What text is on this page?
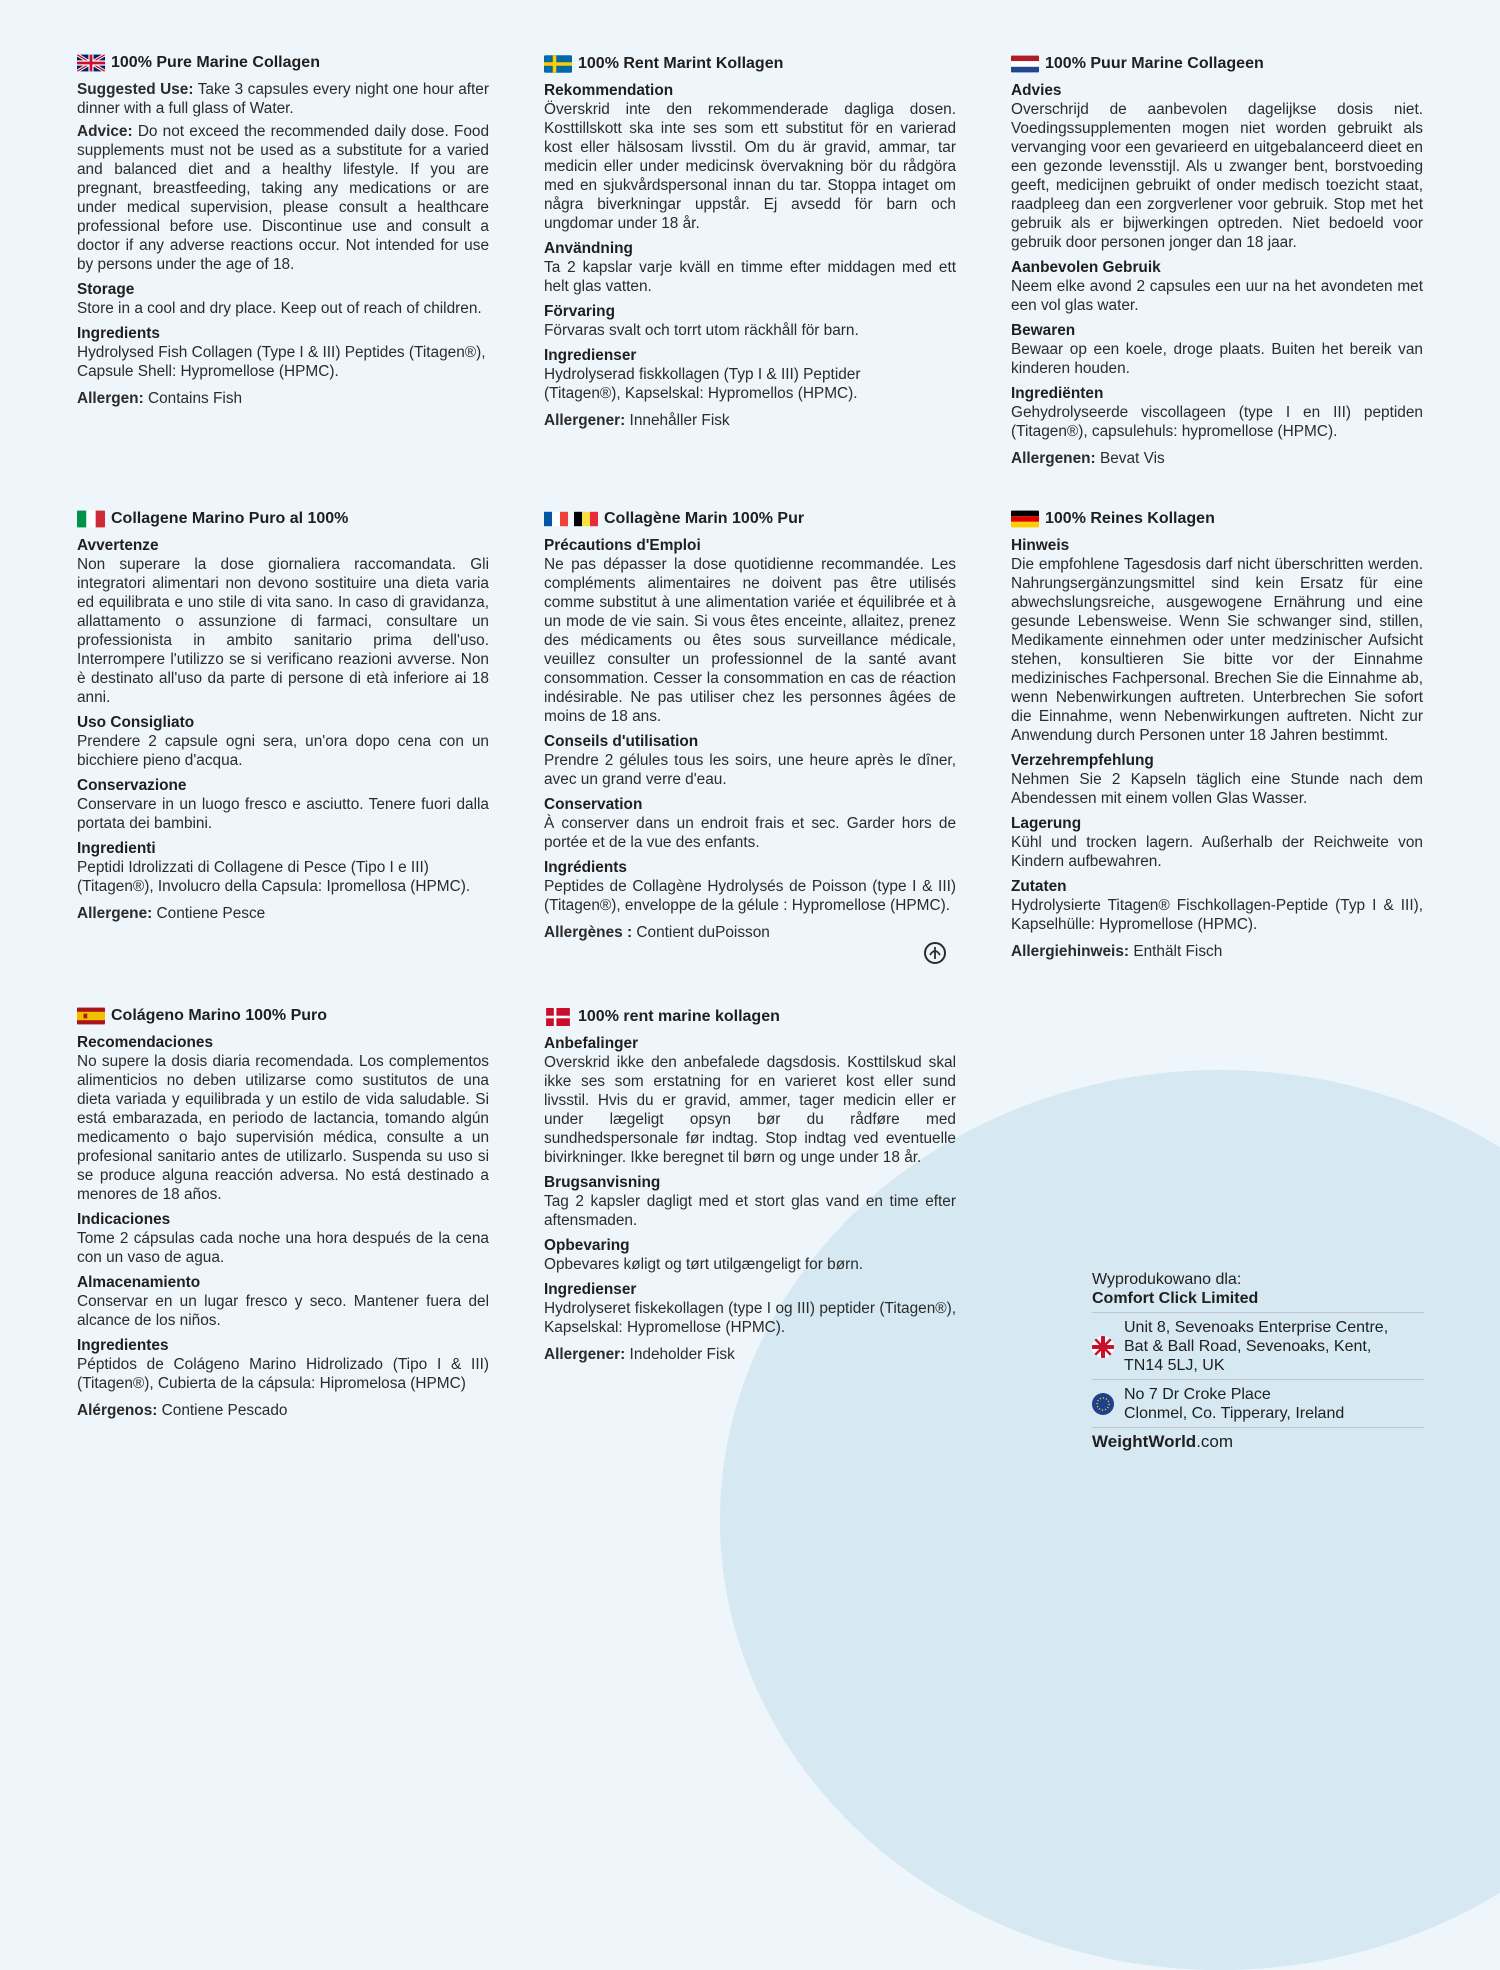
100% Pure Marine Collagen
Suggested Use: Take 3 capsules every night one hour after dinner with a full glass of Water.
Advice: Do not exceed the recommended daily dose. Food supplements must not be used as a substitute for a varied and balanced diet and a healthy lifestyle. If you are pregnant, breastfeeding, taking any medications or are under medical supervision, please consult a healthcare professional before use. Discontinue use and consult a doctor if any adverse reactions occur. Not intended for use by persons under the age of 18.
Storage
Store in a cool and dry place. Keep out of reach of children.
Ingredients
Hydrolysed Fish Collagen (Type I & III) Peptides (Titagen®), Capsule Shell: Hypromellose (HPMC).
Allergen: Contains Fish
100% Rent Marint Kollagen
Rekommendation
Överskrid inte den rekommenderade dagliga dosen. Kosttillskott ska inte ses som ett substitut för en varierad kost eller hälsosam livsstil. Om du är gravid, ammar, tar medicin eller under medicinsk övervakning bör du rådgöra med en sjukvårdspersonal innan du tar. Stoppa intaget om några biverkningar uppstår. Ej avsedd för barn och ungdomar under 18 år.
Användning
Ta 2 kapslar varje kväll en timme efter middagen med ett helt glas vatten.
Förvaring
Förvaras svalt och torrt utom räckhåll för barn.
Ingredienser
Hydrolyserad fiskkollagen (Typ I & III) Peptider (Titagen®), Kapselskal: Hypromellos (HPMC).
Allergener: Innehåller Fisk
100% Puur Marine Collageen
Advies
Overschrijd de aanbevolen dagelijkse dosis niet. Voedingssupplementen mogen niet worden gebruikt als vervanging voor een gevarieerd en uitgebalanceerd dieet en een gezonde levensstijl. Als u zwanger bent, borstvoeding geeft, medicijnen gebruikt of onder medisch toezicht staat, raadpleeg dan een zorgverlener voor gebruik. Stop met het gebruik als er bijwerkingen optreden. Niet bedoeld voor gebruik door personen jonger dan 18 jaar.
Aanbevolen Gebruik
Neem elke avond 2 capsules een uur na het avondeten met een vol glas water.
Bewaren
Bewaar op een koele, droge plaats. Buiten het bereik van kinderen houden.
Ingrediënten
Gehydrolyseerde viscollageen (type I en III) peptiden (Titagen®), capsulehuls: hypromellose (HPMC).
Allergenen: Bevat Vis
Collagene Marino Puro al 100%
Avvertenze
Non superare la dose giornaliera raccomandata. Gli integratori alimentari non devono sostituire una dieta varia ed equilibrata e uno stile di vita sano. In caso di gravidanza, allattamento o assunzione di farmaci, consultare un professionista in ambito sanitario prima dell'uso. Interrompere l'utilizzo se si verificano reazioni avverse. Non è destinato all'uso da parte di persone di età inferiore ai 18 anni.
Uso Consigliato
Prendere 2 capsule ogni sera, un'ora dopo cena con un bicchiere pieno d'acqua.
Conservazione
Conservare in un luogo fresco e asciutto. Tenere fuori dalla portata dei bambini.
Ingredienti
Peptidi Idrolizzati di Collagene di Pesce (Tipo I e III) (Titagen®), Involucro della Capsula: Ipromellosa (HPMC).
Allergene: Contiene Pesce
Collagène Marin 100% Pur
Précautions d'Emploi
Ne pas dépasser la dose quotidienne recommandée. Les compléments alimentaires ne doivent pas être utilisés comme substitut à une alimentation variée et équilibrée et à un mode de vie sain. Si vous êtes enceinte, allaitez, prenez des médicaments ou êtes sous surveillance médicale, veuillez consulter un professionnel de la santé avant consommation. Cesser la consommation en cas de réaction indésirable. Ne pas utiliser chez les personnes âgées de moins de 18 ans.
Conseils d'utilisation
Prendre 2 gélules tous les soirs, une heure après le dîner, avec un grand verre d'eau.
Conservation
À conserver dans un endroit frais et sec. Garder hors de portée et de la vue des enfants.
Ingrédients
Peptides de Collagène Hydrolysés de Poisson (type I & III) (Titagen®), enveloppe de la gélule : Hypromellose (HPMC).
Allergènes : Contient duPoisson
100% Reines Kollagen
Hinweis
Die empfohlene Tagesdosis darf nicht überschritten werden. Nahrungsergänzungsmittel sind kein Ersatz für eine abwechslungsreiche, ausgewogene Ernährung und eine gesunde Lebensweise. Wenn Sie schwanger sind, stillen, Medikamente einnehmen oder unter medzinischer Aufsicht stehen, konsultieren Sie bitte vor der Einnahme medizinisches Fachpersonal. Brechen Sie die Einnahme ab, wenn Nebenwirkungen auftreten. Unterbrechen Sie sofort die Einnahme, wenn Nebenwirkungen auftreten. Nicht zur Anwendung durch Personen unter 18 Jahren bestimmt.
Verzehrempfehlung
Nehmen Sie 2 Kapseln täglich eine Stunde nach dem Abendessen mit einem vollen Glas Wasser.
Lagerung
Kühl und trocken lagern. Außerhalb der Reichweite von Kindern aufbewahren.
Zutaten
Hydrolysierte Titagen® Fischkollagen-Peptide (Typ I & III), Kapselhülle: Hypromellose (HPMC).
Allergiehinweis: Enthält Fisch
Colágeno Marino 100% Puro
Recomendaciones
No supere la dosis diaria recomendada. Los complementos alimenticios no deben utilizarse como sustitutos de una dieta variada y equilibrada y un estilo de vida saludable. Si está embarazada, en periodo de lactancia, tomando algún medicamento o bajo supervisión médica, consulte a un profesional sanitario antes de utilizarlo. Suspenda su uso si se produce alguna reacción adversa. No está destinado a menores de 18 años.
Indicaciones
Tome 2 cápsulas cada noche una hora después de la cena con un vaso de agua.
Almacenamiento
Conservar en un lugar fresco y seco. Mantener fuera del alcance de los niños.
Ingredientes
Péptidos de Colágeno Marino Hidrolizado (Tipo I & III) (Titagen®), Cubierta de la cápsula: Hipromelosa (HPMC)
Alérgenos: Contiene Pescado
100% rent marine kollagen
Anbefalinger
Overskrid ikke den anbefalede dagsdosis. Kosttilskud skal ikke ses som erstatning for en varieret kost eller sund livsstil. Hvis du er gravid, ammer, tager medicin eller er under lægeligt opsyn bør du rådføre med sundhedspersonale før indtag. Stop indtag ved eventuelle bivirkninger. Ikke beregnet til børn og unge under 18 år.
Brugsanvisning
Tag 2 kapsler dagligt med et stort glas vand en time efter aftensmaden.
Opbevaring
Opbevares køligt og tørt utilgængeligt for børn.
Ingredienser
Hydrolyseret fiskekollagen (type I og III) peptider (Titagen®), Kapselskal: Hypromellose (HPMC).
Allergener: Indeholder Fisk
Wyprodukowano dla:
Comfort Click Limited
Unit 8, Sevenoaks Enterprise Centre,
Bat & Ball Road, Sevenoaks, Kent,
TN14 5LJ, UK
No 7 Dr Croke Place
Clonmel, Co. Tipperary, Ireland
WeightWorld.com
